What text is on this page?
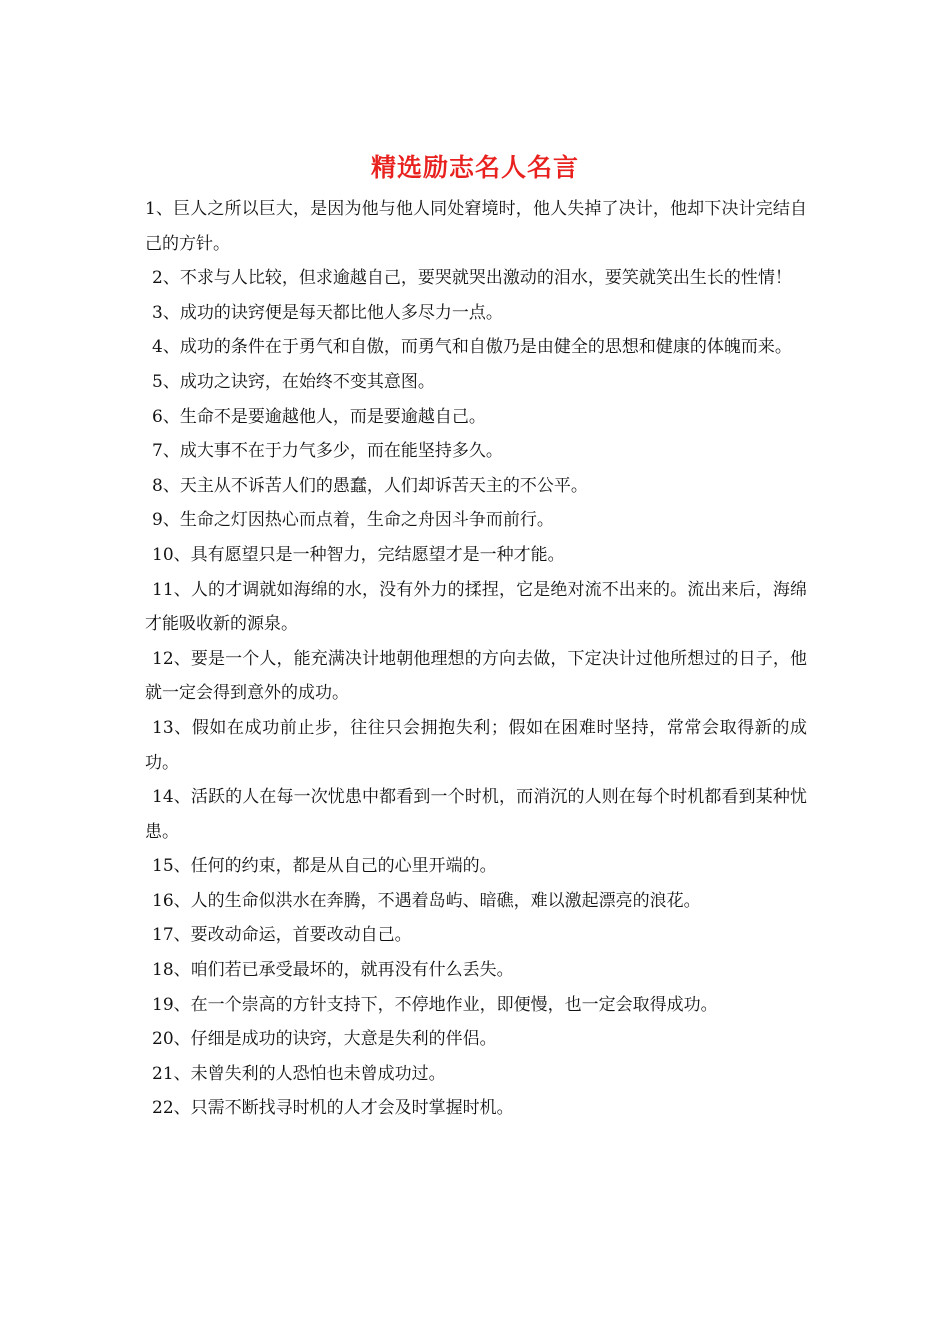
精选励志名人名言

1、巨人之所以巨大，是因为他与他人同处窘境时，他人失掉了决计，他却下决计完结自己的方针。

2、不求与人比较，但求逾越自己，要哭就哭出激动的泪水，要笑就笑出生长的性情！

3、成功的诀窍便是每天都比他人多尽力一点。

4、成功的条件在于勇气和自傲，而勇气和自傲乃是由健全的思想和健康的体魄而来。

5、成功之诀窍，在始终不变其意图。

6、生命不是要逾越他人，而是要逾越自己。

7、成大事不在于力气多少，而在能坚持多久。

8、天主从不诉苦人们的愚蠢，人们却诉苦天主的不公平。

9、生命之灯因热心而点着，生命之舟因斗争而前行。

10、具有愿望只是一种智力，完结愿望才是一种才能。

11、人的才调就如海绵的水，没有外力的揉捏，它是绝对流不出来的。流出来后，海绵才能吸收新的源泉。

12、要是一个人，能充满决计地朝他理想的方向去做，下定决计过他所想过的日子，他就一定会得到意外的成功。

13、假如在成功前止步，往往只会拥抱失利；假如在困难时坚持，常常会取得新的成功。

14、活跃的人在每一次忧患中都看到一个时机，而消沉的人则在每个时机都看到某种忧患。

15、任何的约束，都是从自己的心里开端的。

16、人的生命似洪水在奔腾，不遇着岛屿、暗礁，难以激起漂亮的浪花。

17、要改动命运，首要改动自己。

18、咱们若已承受最坏的，就再没有什么丢失。

19、在一个崇高的方针支持下，不停地作业，即便慢，也一定会取得成功。

20、仔细是成功的诀窍，大意是失利的伴侣。

21、未曾失利的人恐怕也未曾成功过。

22、只需不断找寻时机的人才会及时掌握时机。
